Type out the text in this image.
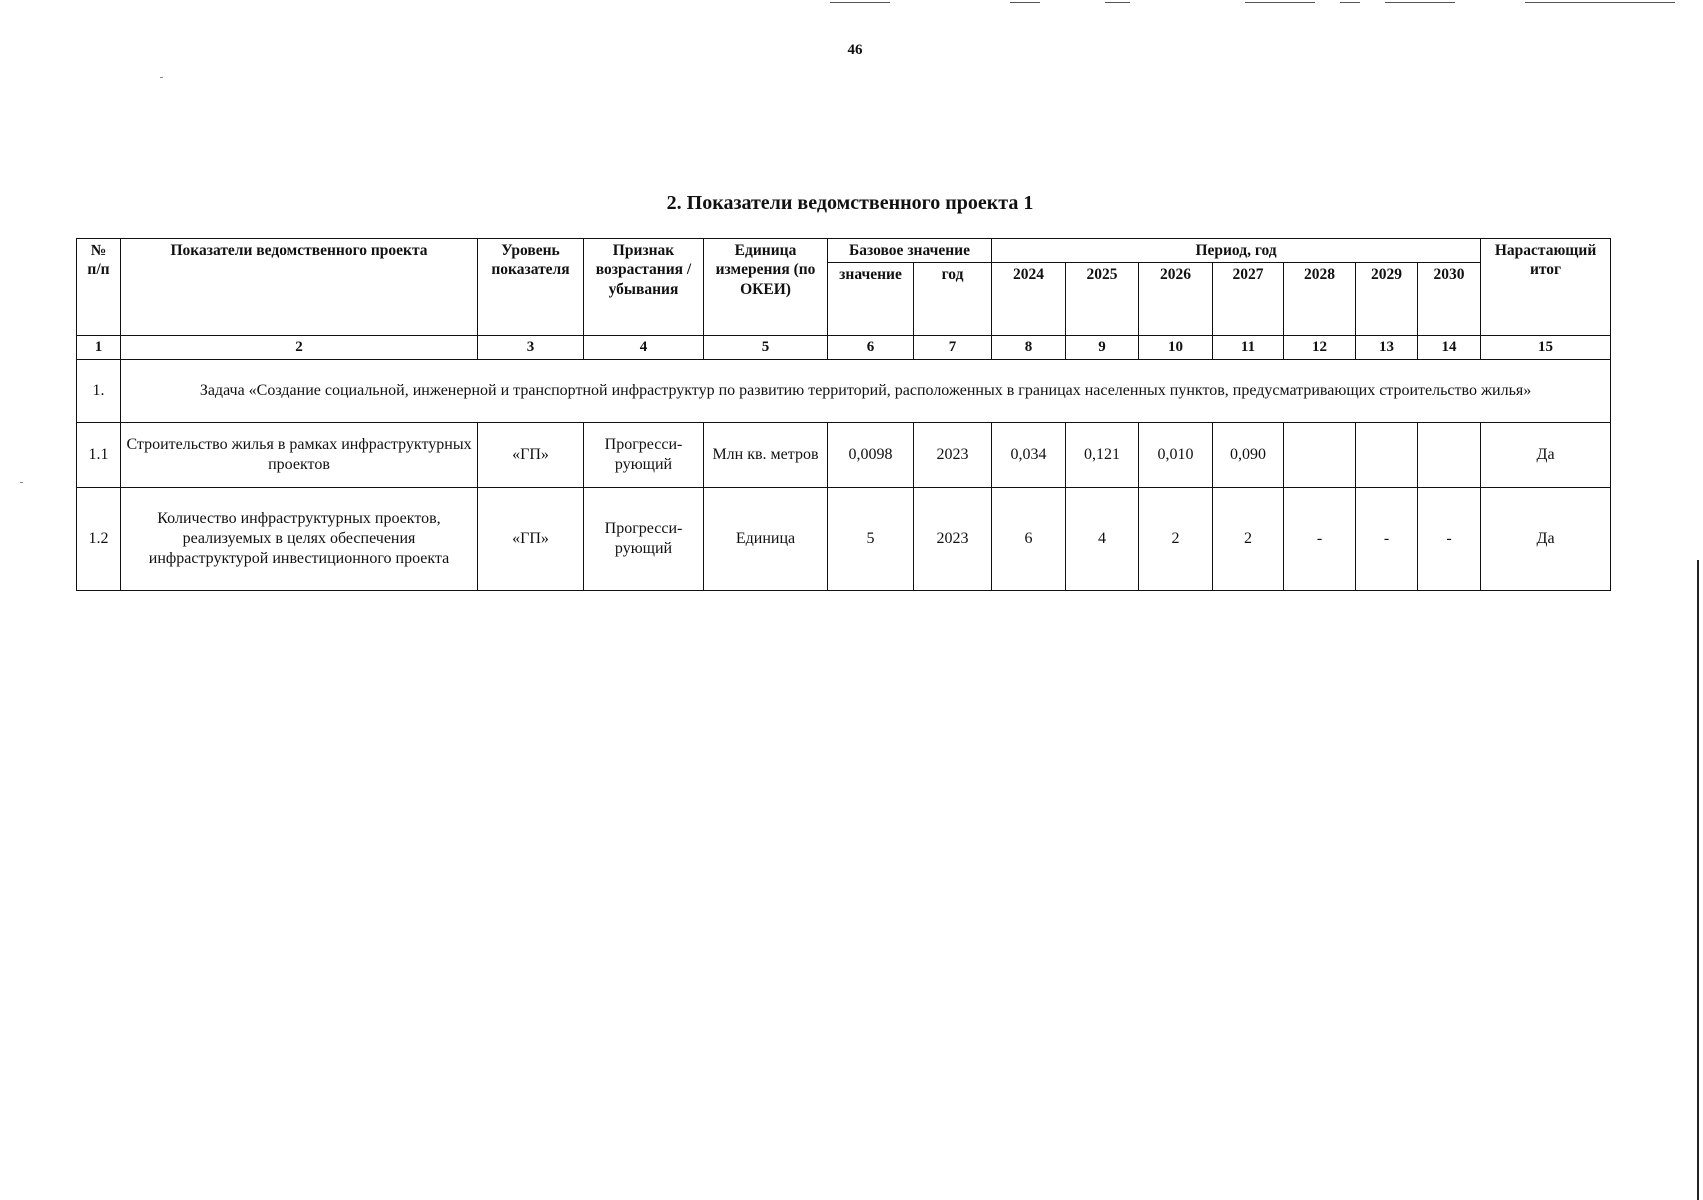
46
2. Показатели ведомственного проекта 1
№
п/п	Показатели ведомственного проекта	Уровень показателя	Признак возрастания / убывания	Единица измерения (по ОКЕИ)	Базовое значение		Период, год							Нарастающий итог
					значение	год	2024	2025	2026	2027	2028	2029	2030	
1	2	3	4	5	6	7	8	9	10	11	12	13	14	15
1.	Задача «Создание социальной, инженерной и транспортной инфраструктур по развитию территорий, расположенных в границах населенных пунктов, предусматривающих строительство жилья»													
1.1	Строительство жилья в рамках инфраструктурных проектов	«ГП»	Прогресси-рующий	Млн кв. метров	0,0098	2023	0,034	0,121	0,010	0,090				Да
1.2	Количество инфраструктурных проектов, реализуемых в целях обеспечения инфраструктурой инвестиционного проекта	«ГП»	Прогресси-рующий	Единица	5	2023	6	4	2	2	-	-	-	Да
